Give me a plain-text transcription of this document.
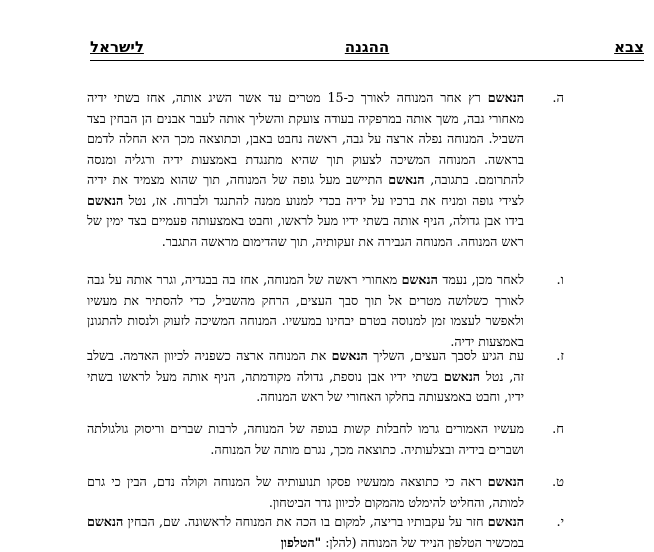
לישראל	ההגנה	צבא
ה.
הנאשם רץ אחר המנוחה לאורך כ-15 מטרים עד אשר השיג אותה, אחז בשתי ידיה מאחורי גבה, משך אותה במרפקיה בעודה צועקת והשליך אותה לעבר אבנים הן הבחין בצד השביל. המנוחה נפלה ארצה על גבה, ראשה נחבט באבן, וכתוצאה מכך היא החלה לדמם בראשה. המנוחה המשיכה לצעוק תוך שהיא מתנגדת באמצעות ידיה ורגליה ומנסה להתרומם. בתגובה, הנאשם התיישב מעל גופה של המנוחה, תוך שהוא מצמיד את ידיה לצידי גופה ומניח את ברכיו על ידיה בכדי למנוע ממנה להתנגד ולברוח. אז, נטל הנאשם בידו אבן גדולה, הניף אותה בשתי ידיו מעל לראשו, וחבט באמצעותה פעמיים בצד ימין של ראש המנוחה. המנוחה הגבירה את זעקותיה, תוך שהדימום מראשה התגבר.
ו.
לאחר מכן, נעמד הנאשם מאחורי ראשה של המנוחה, אחז בה בבגדיה, וגרר אותה על גבה לאורך כשלושה מטרים אל תוך סבך העצים, הרחק מהשביל, כדי להסתיר את מעשיו ולאפשר לעצמו זמן למנוסה בטרם יבחינו במעשיו. המנוחה המשיכה לזעוק ולנסות להתגונן באמצעות ידיה.
ז.
עת הגיע לסבך העצים, השליך הנאשם את המנוחה ארצה כשפניה לכיוון האדמה. בשלב זה, נטל הנאשם בשתי ידיו אבן נוספת, גדולה מקודמתה, הניף אותה מעל לראשו בשתי ידיו, וחבט באמצעותה בחלקו האחורי של ראש המנוחה.
ח.
מעשיו האמורים גרמו לחבלות קשות בגופה של המנוחה, לרבות שברים וריסוק גולגולתה ושברים בידיה ובצלעותיה. כתוצאה מכך, נגרם מותה של המנוחה.
ט.
הנאשם ראה כי כתוצאה ממעשיו פסקו תנועותיה של המנוחה וקולה נדם, הבין כי גרם למותה, והחליט להימלט מהמקום לכיוון גדר הביטחון.
י.
הנאשם חזר על עקבותיו בריצה, למקום בו הכה את המנוחה לראשונה. שם, הבחין הנאשם במכשיר הטלפון הנייד של המנוחה (להלן: "הטלפון
